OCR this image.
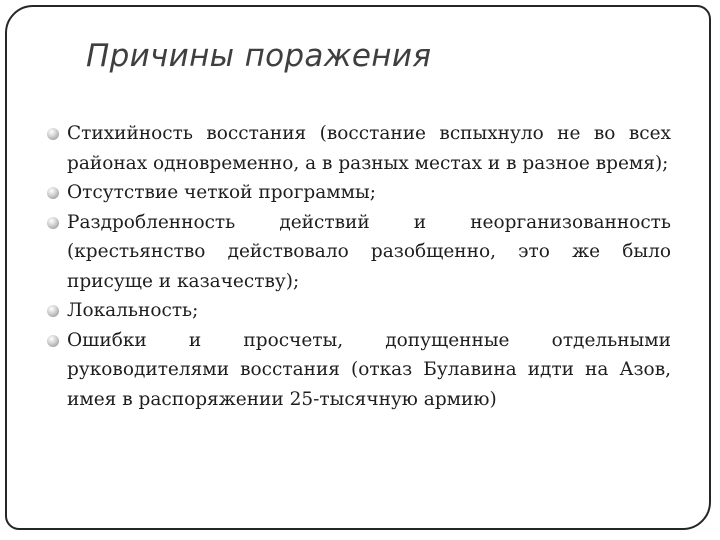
Причины поражения
Стихийность восстания (восстание вспыхнуло не во всех районах одновременно, а в разных местах и в разное время);
Отсутствие четкой программы;
Раздробленность действий и неорганизованность (крестьянство действовало разобщенно, это же было присуще и казачеству);
Локальность;
Ошибки и просчеты, допущенные отдельными руководителями восстания (отказ Булавина идти на Азов, имея в распоряжении 25-тысячную армию)
